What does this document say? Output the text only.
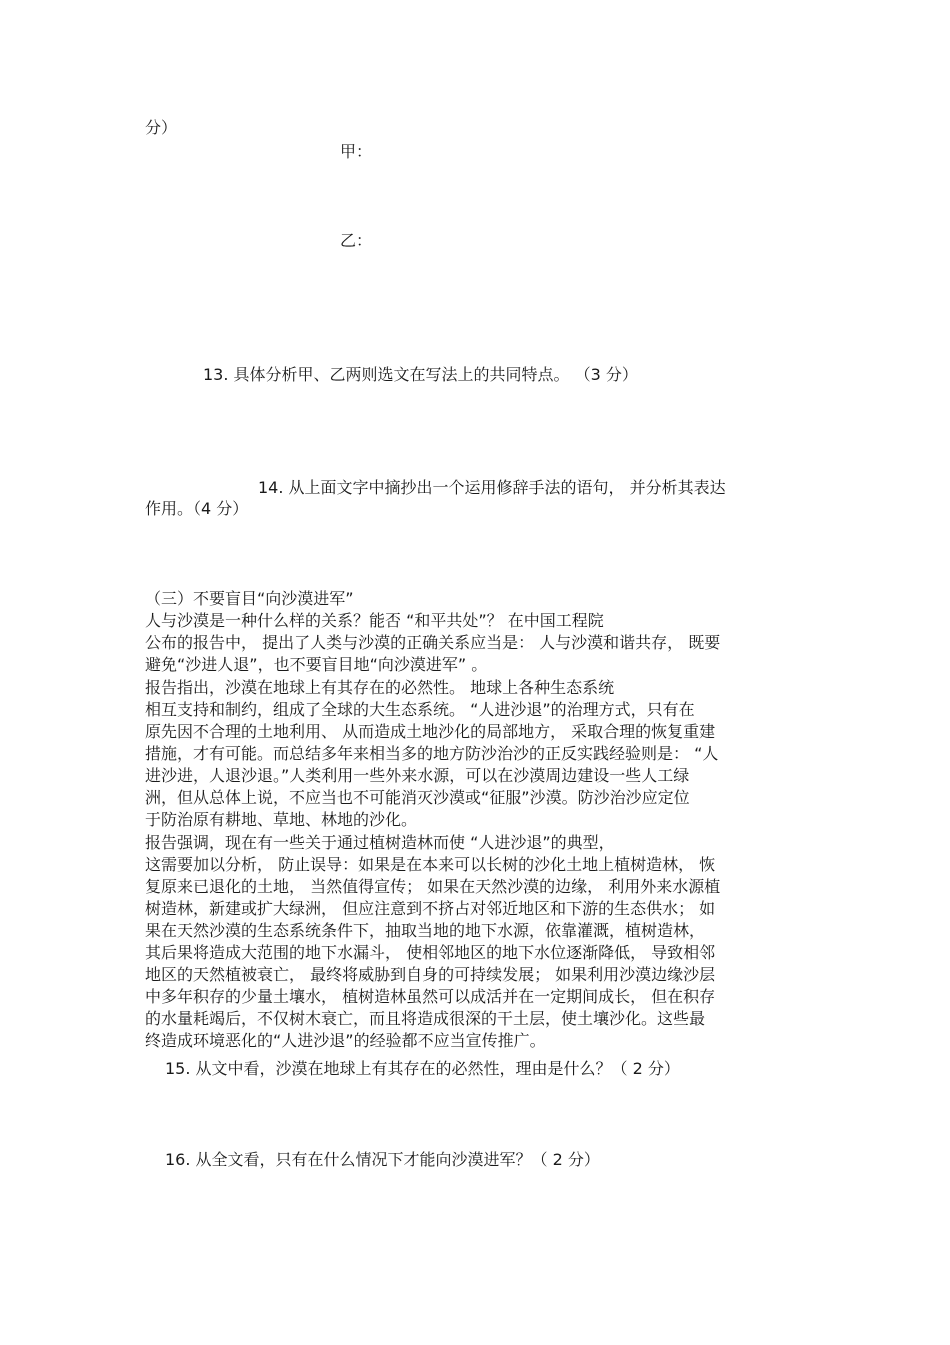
分）
甲：
乙：
13. 具体分析甲、乙两则选文在写法上的共同特点。 （3 分）
14. 从上面文字中摘抄出一个运用修辞手法的语句， 并分析其表达
作用。（4 分）
（三）不要盲目“向沙漠进军”
人与沙漠是一种什么样的关系？能否 “和平共处”？ 在中国工程院
公布的报告中， 提出了人类与沙漠的正确关系应当是： 人与沙漠和谐共存， 既要
避免“沙进人退”，也不要盲目地“向沙漠进军” 。
报告指出，沙漠在地球上有其存在的必然性。 地球上各种生态系统
相互支持和制约，组成了全球的大生态系统。 “人进沙退”的治理方式，只有在
原先因不合理的土地利用、 从而造成土地沙化的局部地方， 采取合理的恢复重建
措施，才有可能。而总结多年来相当多的地方防沙治沙的正反实践经验则是： “人
进沙进，人退沙退。”人类利用一些外来水源，可以在沙漠周边建设一些人工绿
洲，但从总体上说，不应当也不可能消灭沙漠或“征服”沙漠。防沙治沙应定位
于防治原有耕地、草地、林地的沙化。
报告强调，现在有一些关于通过植树造林而使 “人进沙退”的典型，
这需要加以分析， 防止误导：如果是在本来可以长树的沙化土地上植树造林， 恢
复原来已退化的土地， 当然值得宣传； 如果在天然沙漠的边缘， 利用外来水源植
树造林，新建或扩大绿洲， 但应注意到不挤占对邻近地区和下游的生态供水； 如
果在天然沙漠的生态系统条件下，抽取当地的地下水源，依靠灌溉，植树造林，
其后果将造成大范围的地下水漏斗， 使相邻地区的地下水位逐渐降低， 导致相邻
地区的天然植被衰亡， 最终将威胁到自身的可持续发展； 如果利用沙漠边缘沙层
中多年积存的少量土壤水， 植树造林虽然可以成活并在一定期间成长， 但在积存
的水量耗竭后，不仅树木衰亡，而且将造成很深的干土层，使土壤沙化。这些最
终造成环境恶化的“人进沙退”的经验都不应当宣传推广。
15. 从文中看，沙漠在地球上有其存在的必然性，理由是什么？（ 2 分）
16. 从全文看，只有在什么情况下才能向沙漠进军？（ 2 分）
